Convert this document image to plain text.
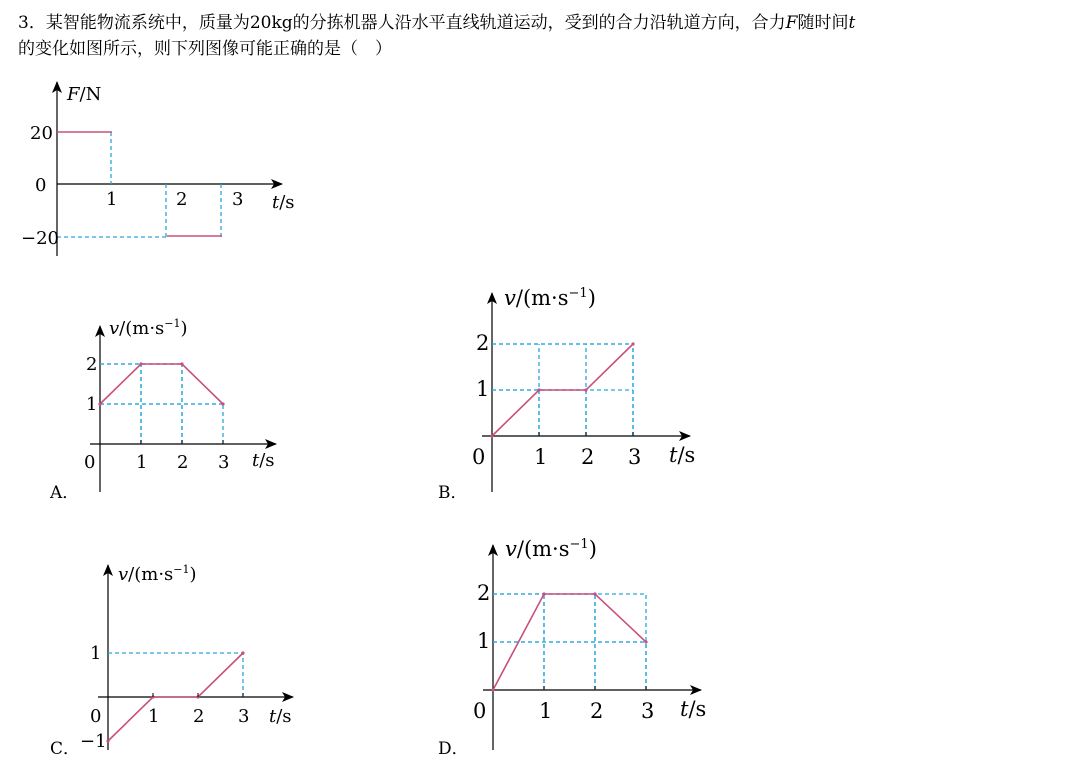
3．某智能物流系统中，质量为20kg的分拣机器人沿水平直线轨道运动，受到的合力沿轨道方向，合力F随时间t
的变化如图所示，则下列图像可能正确的是（　）
F/N
t/s
20
0
−20
1	2 3
0 1 2 3
2
1
$v/(m\cdot s^{-1})$
t/s	0 1 2 3
2
1
$v/(m\cdot s^{-1})$
t/s
0	1 2 3
1
−1
$v/(m\cdot s^{-1})$
t/s	0	1 2 3
2
1
$v/(m\cdot s^{-1})$
t/s
A．	B．
C．	D．
